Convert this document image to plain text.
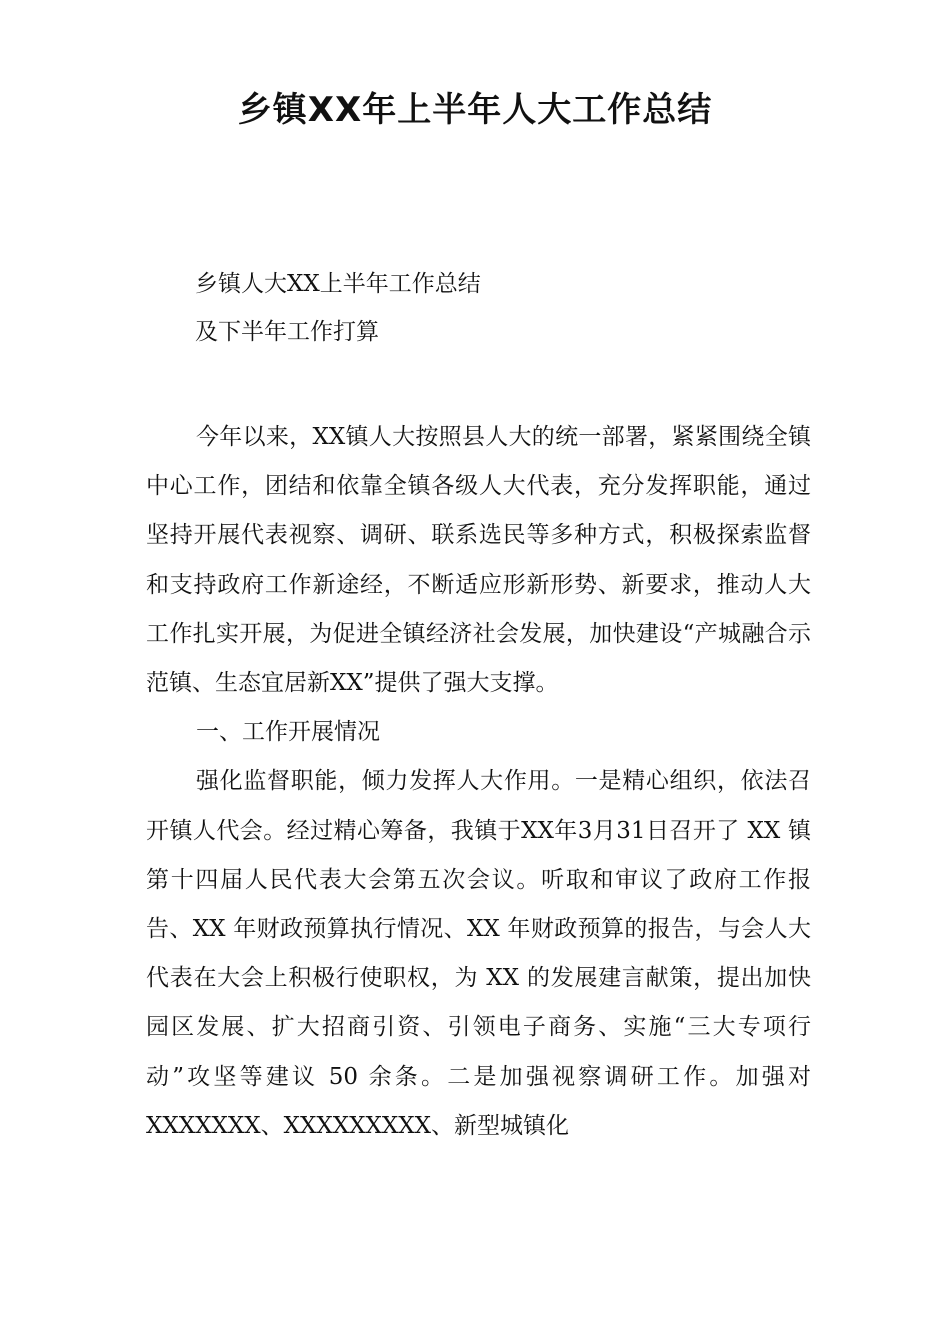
乡镇XX年上半年人大工作总结

乡镇人大XX上半年工作总结

及下半年工作打算

今年以来，XX镇人大按照县人大的统一部署，紧紧围绕全镇中心工作，团结和依靠全镇各级人大代表，充分发挥职能，通过坚持开展代表视察、调研、联系选民等多种方式，积极探索监督和支持政府工作新途经，不断适应形新形势、新要求，推动人大工作扎实开展，为促进全镇经济社会发展，加快建设“产城融合示范镇、生态宜居新XX”提供了强大支撑。

一、工作开展情况

强化监督职能，倾力发挥人大作用。一是精心组织，依法召开镇人代会。经过精心筹备，我镇于XX年3月31日召开了 XX 镇第十四届人民代表大会第五次会议。听取和审议了政府工作报告、XX 年财政预算执行情况、XX 年财政预算的报告，与会人大代表在大会上积极行使职权，为 XX 的发展建言献策，提出加快园区发展、扩大招商引资、引领电子商务、实施“三大专项行动”攻坚等建议 50 余条。二是加强视察调研工作。加强对XXXXXXX、XXXXXXXXX、新型城镇化
